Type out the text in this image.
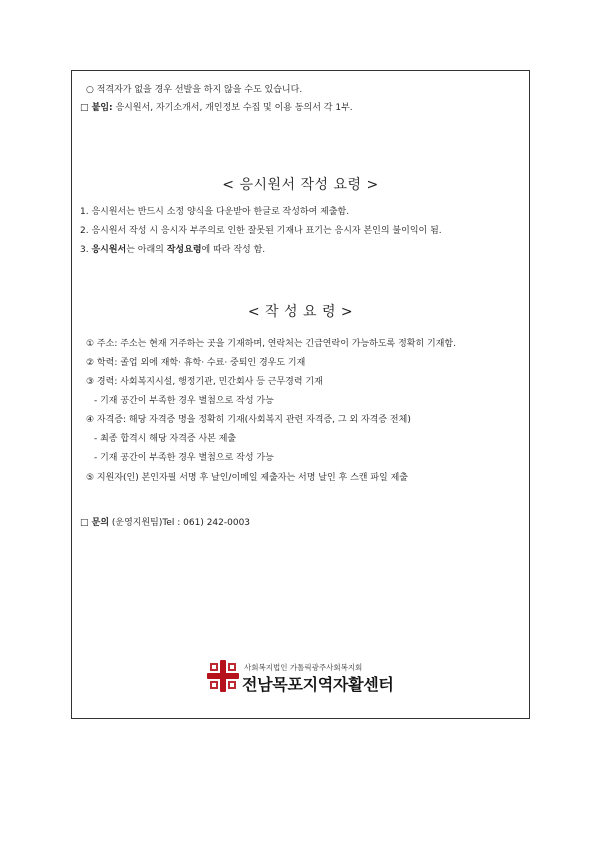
○ 적격자가 없을 경우 선발을 하지 않을 수도 있습니다.
□ 붙임: 응시원서, 자기소개서, 개인정보 수집 및 이용 동의서 각 1부.
< 응시원서 작성 요령 >
1. 응시원서는 반드시 소정 양식을 다운받아 한글로 작성하여 제출함.
2. 응시원서 작성 시 응시자 부주의로 인한 잘못된 기재나 표기는 응시자 본인의 불이익이 됨.
3. 응시원서는 아래의 작성요령에 따라 작성 함.
< 작 성 요 령 >
① 주소: 주소는 현재 거주하는 곳을 기재하며, 연락처는 긴급연락이 가능하도록 정확히 기재함.
② 학력: 졸업 외에 재학· 휴학· 수료· 중퇴인 경우도 기재
③ 경력: 사회복지시설, 행정기관, 민간회사 등 근무경력 기재
- 기재 공간이 부족한 경우 별첨으로 작성 가능
④ 자격증: 해당 자격증 명을 정확히 기재(사회복지 관련 자격증, 그 외 자격증 전체)
- 최종 합격시 해당 자격증 사본 제출
- 기재 공간이 부족한 경우 별첨으로 작성 가능
⑤ 지원자(인) 본인자필 서명 후 날인/이메일 제출자는 서명 날인 후 스캔 파일 제출
□ 문의 (운영지원팀)Tel : 061) 242-0003
사회복지법인 가톨릭광주사회복지회
전남목포지역자활센터
